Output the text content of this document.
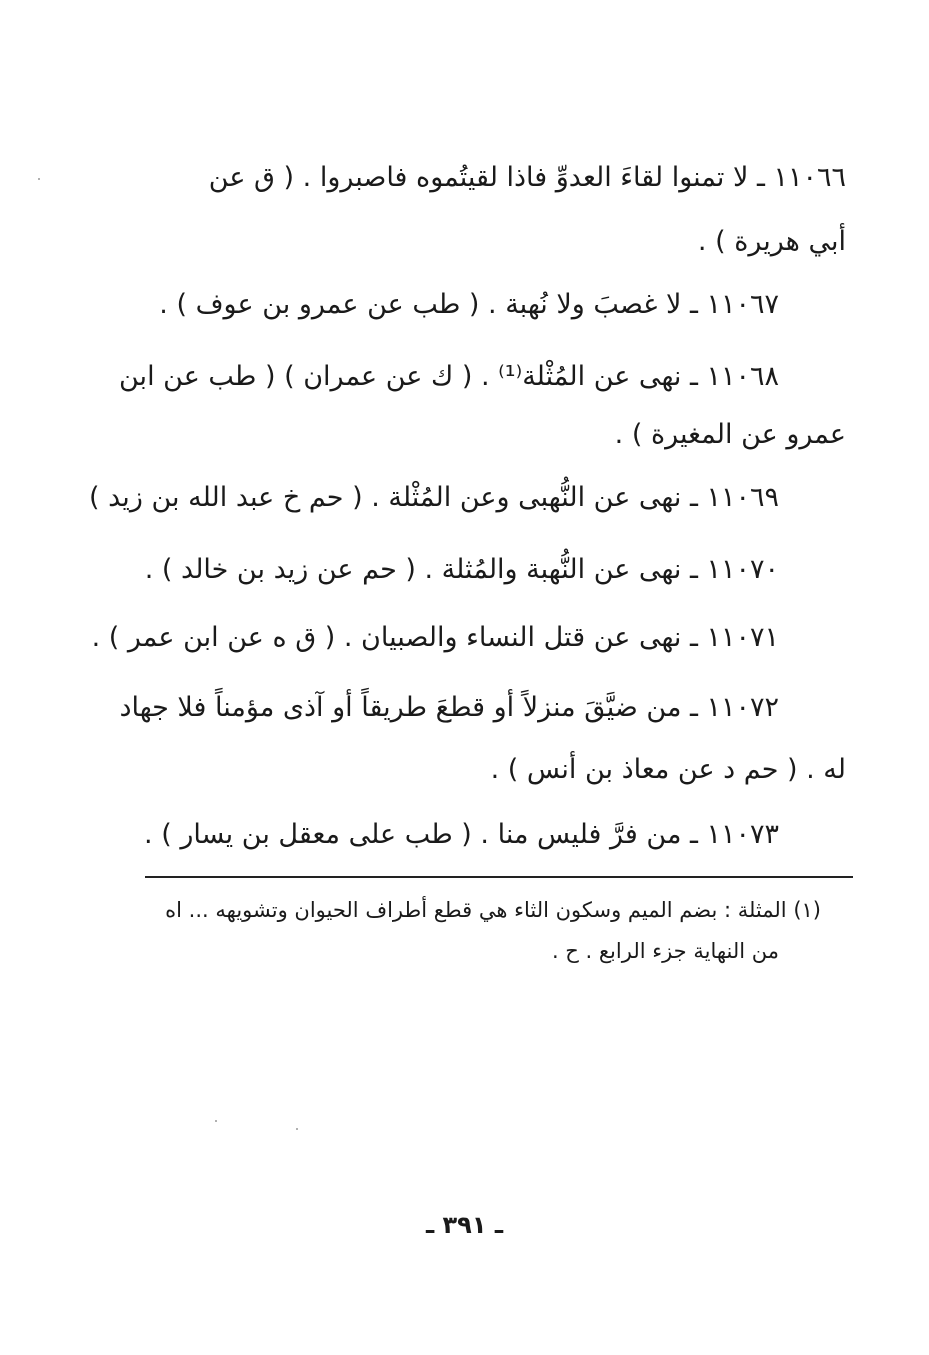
١١٠٦٦ ـ لا تمنوا لقاءَ العدوِّ فاذا لقيتُموه فاصبروا . ( ق عن
أبي هريرة ) .
١١٠٦٧ ـ لا غصبَ ولا نُهبة . ( طب عن عمرو بن عوف ) .
١١٠٦٨ ـ نهى عن المُثْلة⁽¹⁾ . ( ك عن عمران ) ( طب عن ابن
عمرو عن المغيرة ) .
١١٠٦٩ ـ نهى عن النُّهبى وعن المُثْلة . ( حم خ عبد الله بن زيد )
١١٠٧٠ ـ نهى عن النُّهبة والمُثلة . ( حم عن زيد بن خالد ) .
١١٠٧١ ـ نهى عن قتل النساء والصبيان . ( ق ه عن ابن عمر ) .
١١٠٧٢ ـ من ضيَّقَ منزلاً أو قطعَ طريقاً أو آذى مؤمناً فلا جهاد
له . ( حم د عن معاذ بن أنس ) .
١١٠٧٣ ـ من فرَّ فليس منا . ( طب على معقل بن يسار ) .
(١) المثلة : بضم الميم وسكون الثاء هي قطع أطراف الحيوان وتشويهه ... اه
من النهاية جزء الرابع . ح .
ـ ٣٩١ ـ
